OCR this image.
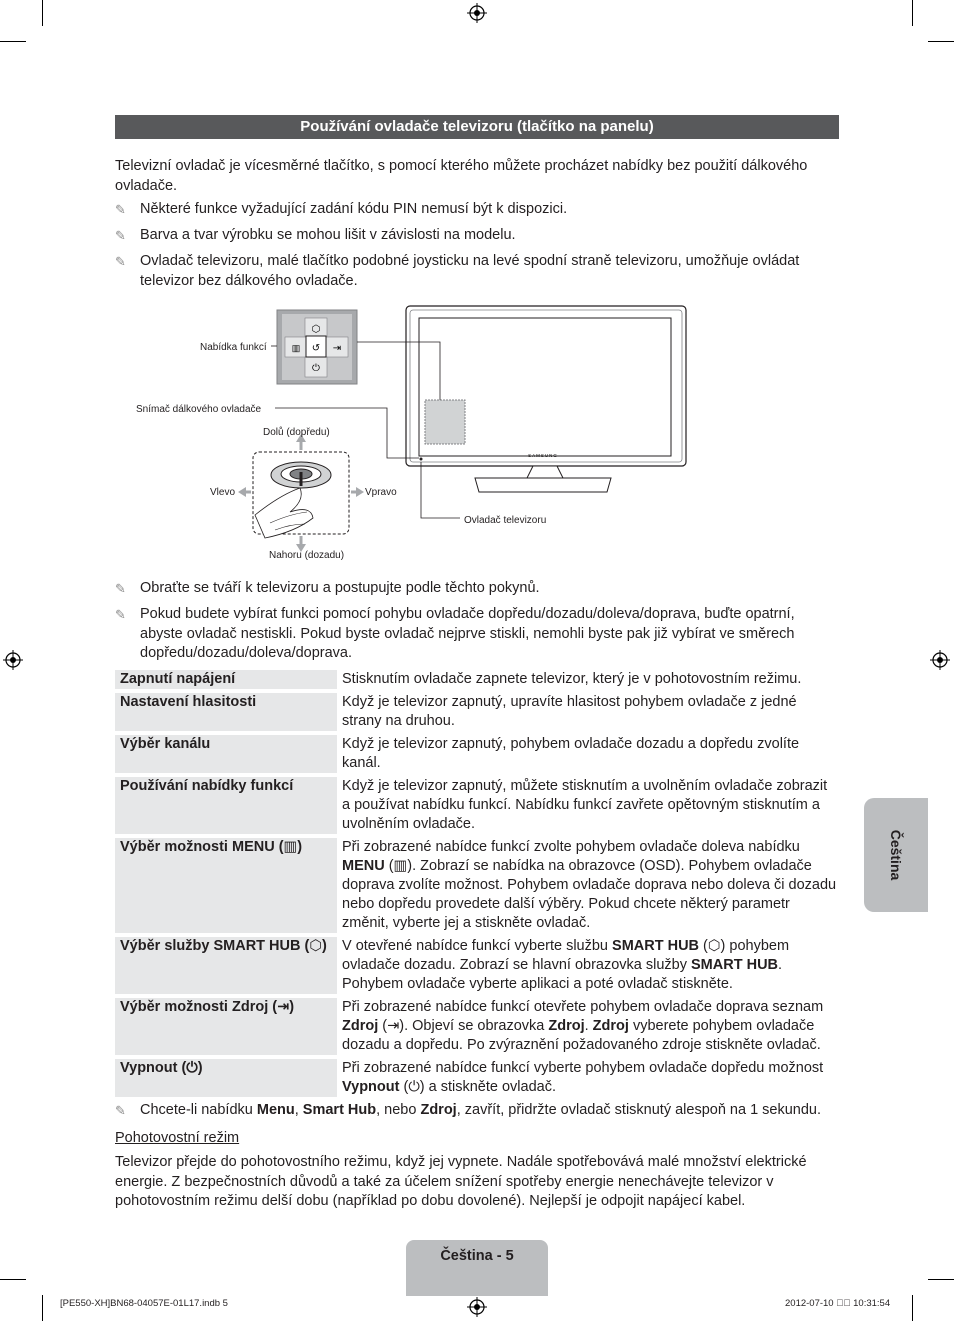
Používání ovladače televizoru (tlačítko na panelu)
Televizní ovladač je vícesměrné tlačítko, s pomocí kterého můžete procházet nabídky bez použití dálkového ovladače.
✎ Některé funkce vyžadující zadání kódu PIN nemusí být k dispozici.
✎ Barva a tvar výrobku se mohou lišit v závislosti na modelu.
✎ Ovladač televizoru, malé tlačítko podobné joysticku na levé spodní straně televizoru, umožňuje ovládat televizor bez dálkového ovladače.
⬡
▥ ↺ ⇥
⏻
Nabídka funkcí
SAMSUNG
Snímač dálkového ovladače
Dolů (dopředu)
Vlevo	Vpravo
Nahoru (dozadu)
Ovladač televizoru
✎ Obraťte se tváří k televizoru a postupujte podle těchto pokynů.
✎ Pokud budete vybírat funkci pomocí pohybu ovladače dopředu/dozadu/doleva/doprava, buďte opatrní, abyste ovladač nestiskli. Pokud byste ovladač nejprve stiskli, nemohli byste pak již vybírat ve směrech dopředu/dozadu/doleva/doprava.
Zapnutí napájení	Stisknutím ovladače zapnete televizor, který je v pohotovostním režimu.
Nastavení hlasitosti	Když je televizor zapnutý, upravíte hlasitost pohybem ovladače z jedné strany na druhou.
Výběr kanálu	Když je televizor zapnutý, pohybem ovladače dozadu a dopředu zvolíte kanál.
Používání nabídky funkcí	Když je televizor zapnutý, můžete stisknutím a uvolněním ovladače zobrazit a používat nabídku funkcí. Nabídku funkcí zavřete opětovným stisknutím a uvolněním ovladače.
Výběr možnosti MENU (▥)	Při zobrazené nabídce funkcí zvolte pohybem ovladače doleva nabídku MENU (▥). Zobrazí se nabídka na obrazovce (OSD). Pohybem ovladače doprava zvolíte možnost. Pohybem ovladače doprava nebo doleva či dozadu nebo dopředu provedete další výběry. Pokud chcete některý parametr změnit, vyberte jej a stiskněte ovladač.
Výběr služby SMART HUB (⬡)	V otevřené nabídce funkcí vyberte službu SMART HUB (⬡) pohybem ovladače dozadu. Zobrazí se hlavní obrazovka služby SMART HUB. Pohybem ovladače vyberte aplikaci a poté ovladač stiskněte.
Výběr možnosti Zdroj (⇥)	Při zobrazené nabídce funkcí otevřete pohybem ovladače doprava seznam Zdroj (⇥). Objeví se obrazovka Zdroj. Zdroj vyberete pohybem ovladače dozadu a dopředu. Po zvýraznění požadovaného zdroje stiskněte ovladač.
Vypnout (⏻)	Při zobrazené nabídce funkcí vyberte pohybem ovladače dopředu možnost Vypnout (⏻) a stiskněte ovladač.
✎ Chcete-li nabídku Menu, Smart Hub, nebo Zdroj, zavřít, přidržte ovladač stisknutý alespoň na 1 sekundu.
Pohotovostní režim
Televizor přejde do pohotovostního režimu, když jej vypnete. Nadále spotřebovává malé množství elektrické energie. Z bezpečnostních důvodů a také za účelem snížení spotřeby energie nenechávejte televizor v pohotovostním režimu delší dobu (například po dobu dovolené). Nejlepší je odpojit napájecí kabel.
Čeština
Čeština - 5
[PE550-XH]BN68-04057E-01L17.indb 5	2012-07-10 󰂡󰂡 10:31:54
